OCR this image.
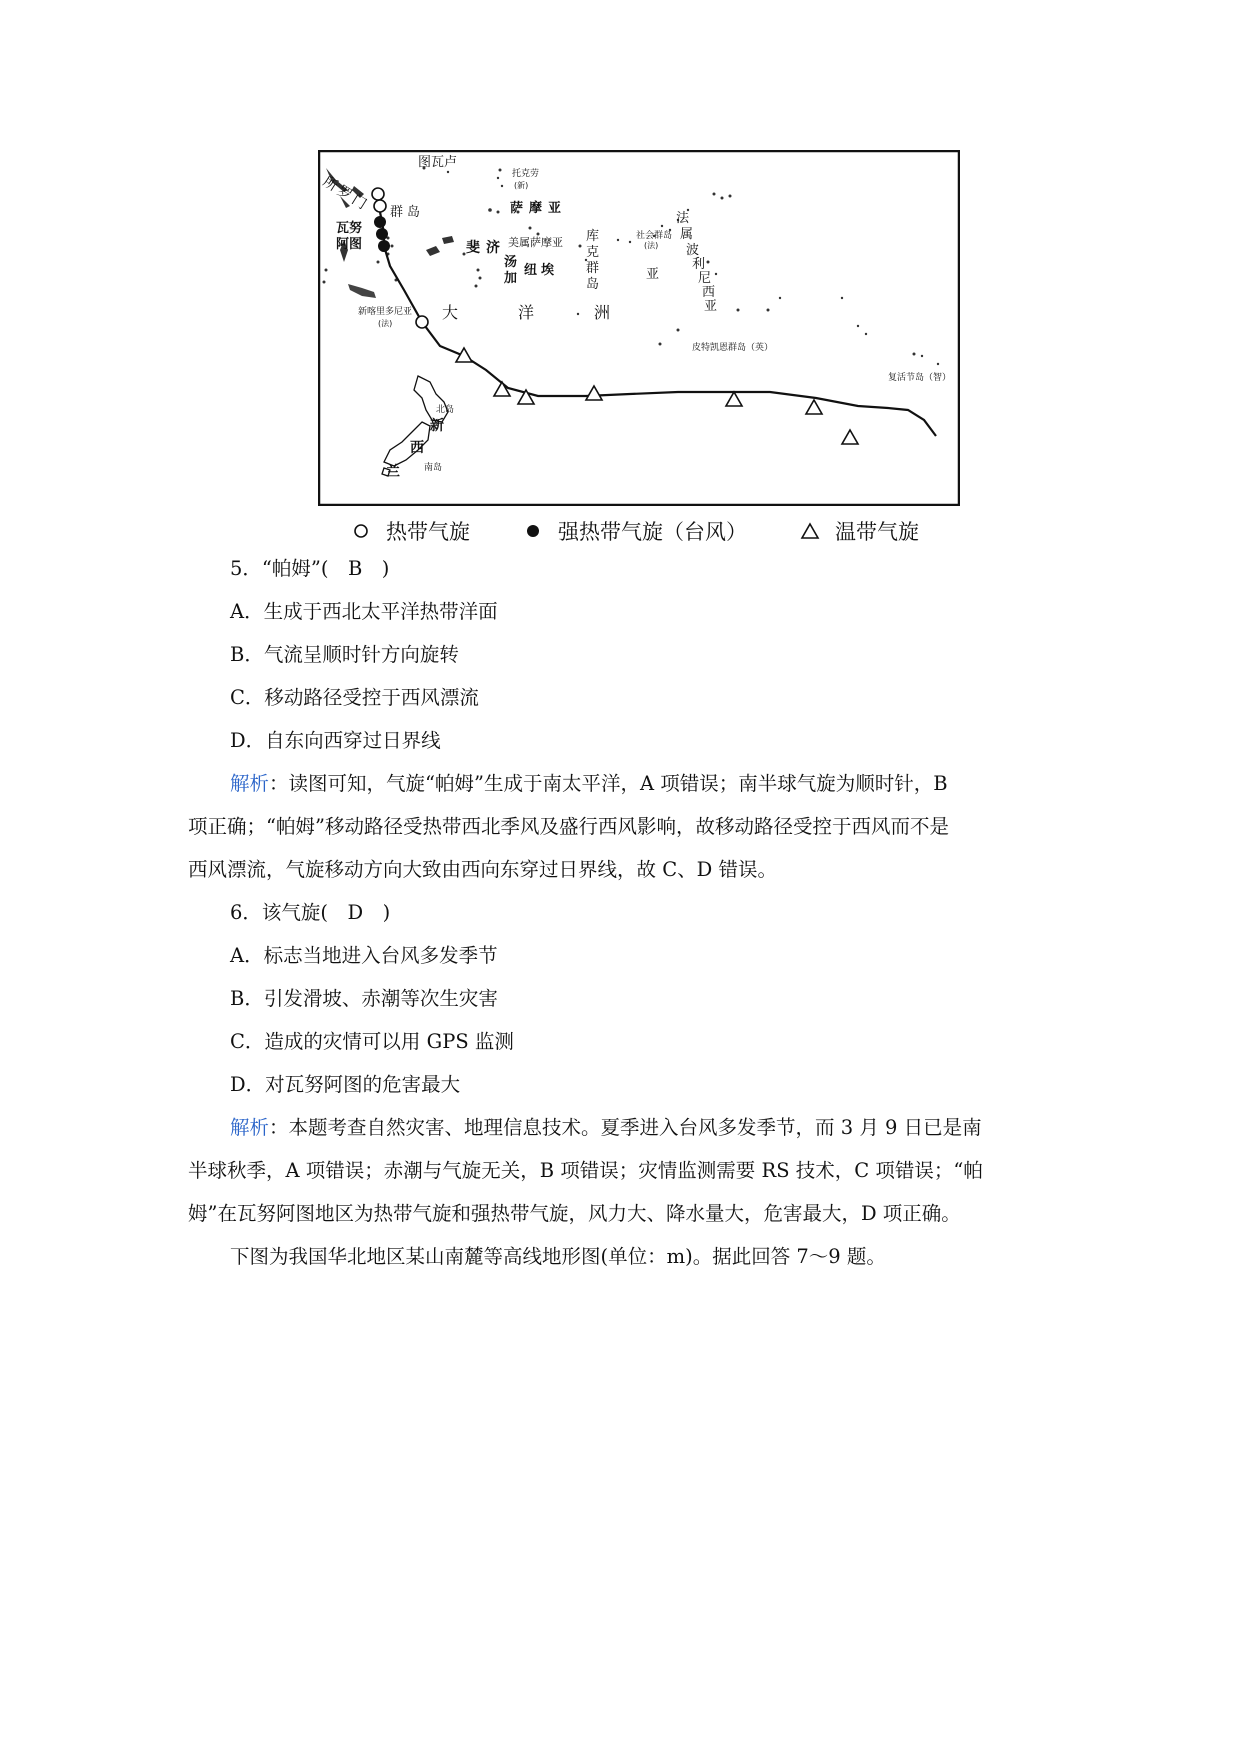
图瓦卢
托克劳
(新)
萨摩亚
所罗门 群岛
瓦努 阿图	美属萨摩亚
斐济
汤加
纽埃
库克群岛
社会群岛
(法)
法属波利尼西亚
亚
新喀里多尼亚
(法)
大	洋	洲
皮特凯恩群岛（英）
复活节岛（智）
北岛
南岛
新
西
兰
热带气旋	强热带气旋（台风）	温带气旋
5．“帕姆”(　B　)
A．生成于西北太平洋热带洋面
B．气流呈顺时针方向旋转
C．移动路径受控于西风漂流
D．自东向西穿过日界线
解析：读图可知，气旋“帕姆”生成于南太平洋，A 项错误；南半球气旋为顺时针，B
项正确；“帕姆”移动路径受热带西北季风及盛行西风影响，故移动路径受控于西风而不是
西风漂流，气旋移动方向大致由西向东穿过日界线，故 C、D 错误。
6．该气旋(　D　)
A．标志当地进入台风多发季节
B．引发滑坡、赤潮等次生灾害
C．造成的灾情可以用 GPS 监测
D．对瓦努阿图的危害最大
解析：本题考查自然灾害、地理信息技术。夏季进入台风多发季节，而 3 月 9 日已是南
半球秋季，A 项错误；赤潮与气旋无关，B 项错误；灾情监测需要 RS 技术，C 项错误；“帕
姆”在瓦努阿图地区为热带气旋和强热带气旋，风力大、降水量大，危害最大，D 项正确。
下图为我国华北地区某山南麓等高线地形图(单位：m)。据此回答 7～9 题。
